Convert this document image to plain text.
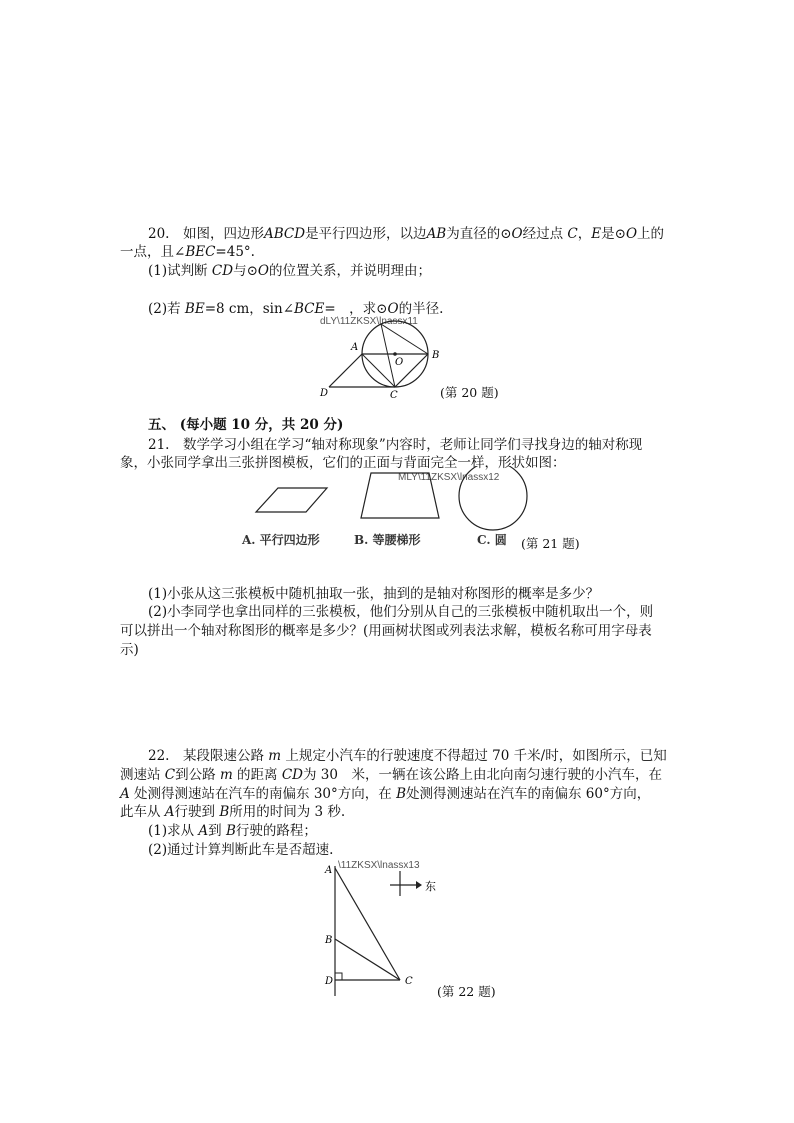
20.　如图，四边形ABCD是平行四边形，以边AB为直径的⊙O经过点 C，E是⊙O上的
一点，且∠BEC=45°.
(1)试判断 CD与⊙O的位置关系，并说明理由；
(2)若 BE=8 cm，sin∠BCE=　，求⊙O的半径.
dLY\11ZKSX\lnassx11
A
O
B
D	C	(第 20 题)
五、 (每小题 10 分，共 20 分)
21.　数学学习小组在学习“轴对称现象”内容时，老师让同学们寻找身边的轴对称现
象，小张同学拿出三张拼图模板，它们的正面与背面完全一样，形状如图：
MLY\11ZKSX\lnassx12
A. 平行四边形	B. 等腰梯形	C. 圆 (第 21 题)
(1)小张从这三张模板中随机抽取一张，抽到的是轴对称图形的概率是多少？
(2)小李同学也拿出同样的三张模板，他们分别从自己的三张模板中随机取出一个，则
可以拼出一个轴对称图形的概率是多少？(用画树状图或列表法求解，模板名称可用字母表
示)
22.　某段限速公路 m 上规定小汽车的行驶速度不得超过 70 千米/时，如图所示，已知
测速站 C到公路 m 的距离 CD为 30　米，一辆在该公路上由北向南匀速行驶的小汽车，在
A 处测得测速站在汽车的南偏东 30°方向，在 B处测得测速站在汽车的南偏东 60°方向，
此车从 A行驶到 B所用的时间为 3 秒.
(1)求从 A到 B行驶的路程；
(2)通过计算判断此车是否超速.
\11ZKSX\lnassx13
东
A
B
D	C
(第 22 题)
